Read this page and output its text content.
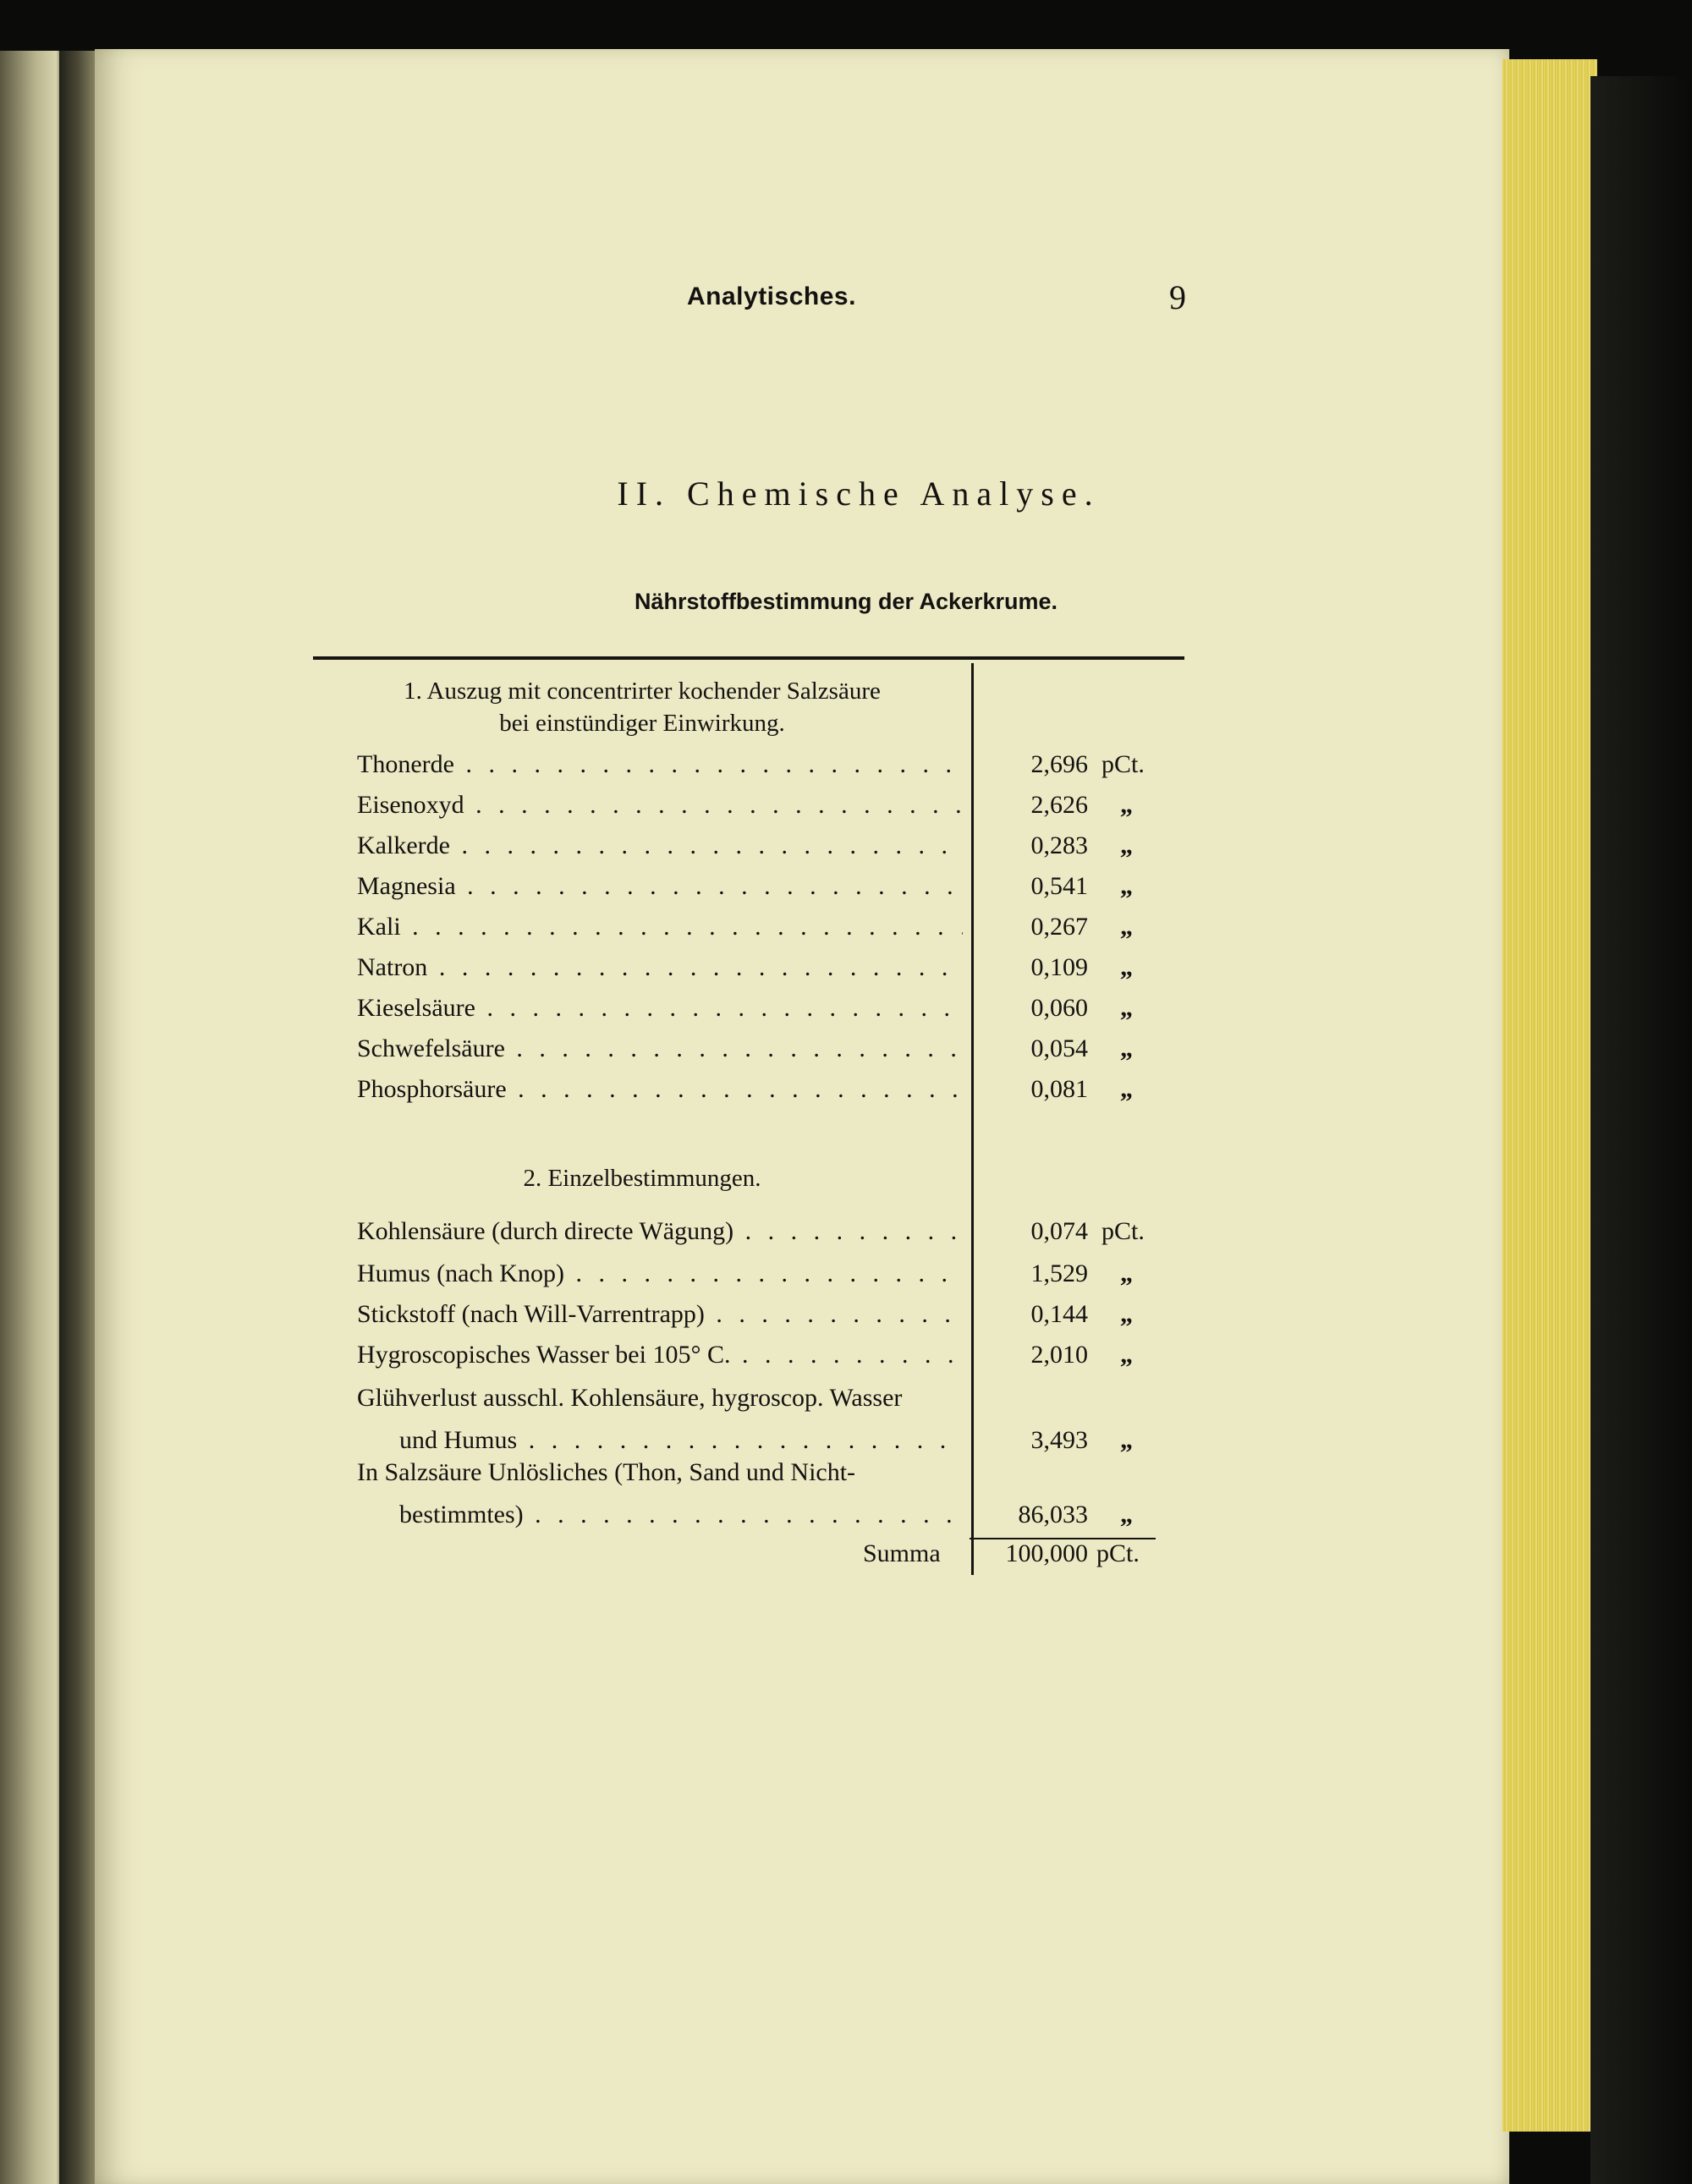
Analytisches.	9
II. Chemische Analyse.
Nährstoffbestimmung der Ackerkrume.
1. Auszug mit concentrirter kochender Salzsäure
bei einstündiger Einwirkung.
Thonerde . . .	2,696 pCt.
Eisenoxyd . . .	2,626	„
Kalkerde . . .	0,283	„
Magnesia . . .	0,541	„
Kali . . .	0,267	„
Natron . . .	0,109	„
Kieselsäure . . .	0,060	„
Schwefelsäure . . .	0,054	„
Phosphorsäure . . .	0,081	„
2. Einzelbestimmungen.
Kohlensäure (durch directe Wägung) . . .	0,074 pCt.
Humus (nach Knop) . . .	1,529	„
Stickstoff (nach Will-Varrentrapp) . . .	0,144	„
Hygroscopisches Wasser bei 105° C. . . .	2,010	„
Glühverlust ausschl. Kohlensäure, hygroscop. Wasser
und Humus . . .	3,493	„
In Salzsäure Unlösliches (Thon, Sand und Nicht-
bestimmtes) . . .	86,033	„
Summa	100,000 pCt.
